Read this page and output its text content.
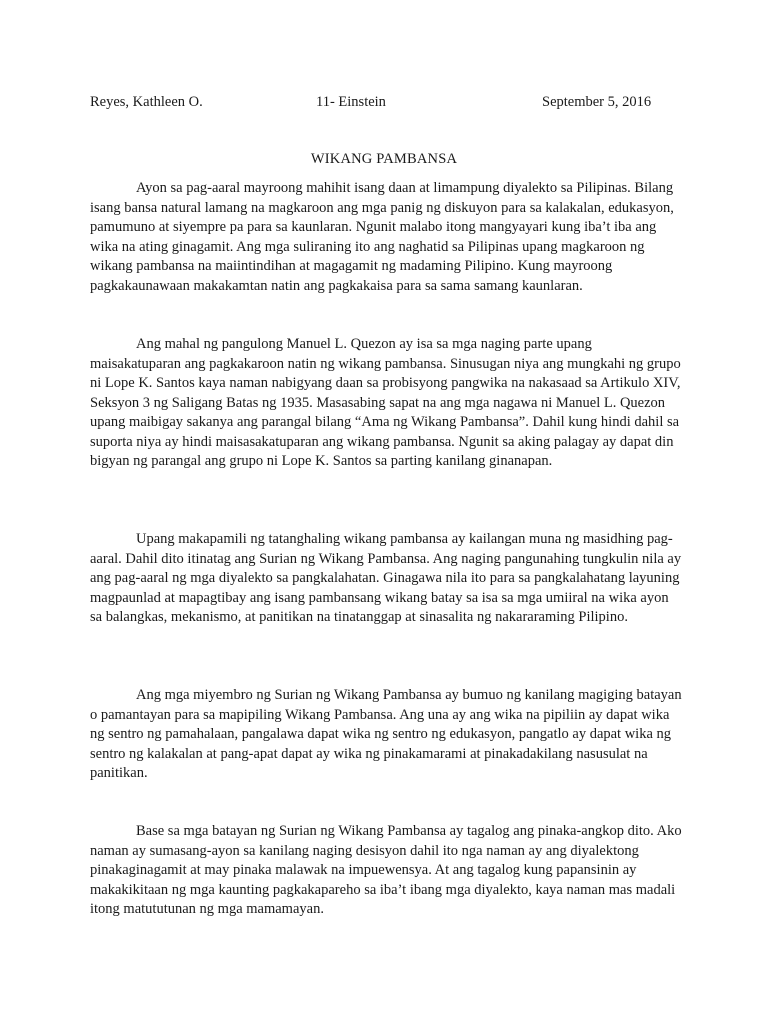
Reyes, Kathleen O.	11- Einstein	September 5, 2016
WIKANG PAMBANSA

Ayon sa pag-aaral mayroong mahihit isang daan at limampung diyalekto sa Pilipinas. Bilang isang bansa natural lamang na magkaroon ang mga panig ng diskuyon para sa kalakalan, edukasyon, pamumuno at siyempre pa para sa kaunlaran. Ngunit malabo itong mangyayari kung iba’t iba ang wika na ating ginagamit. Ang mga suliraning ito ang naghatid sa Pilipinas upang magkaroon ng wikang pambansa na maiintindihan at magagamit ng madaming Pilipino. Kung mayroong pagkakaunawaan makakamtan natin ang pagkakaisa para sa sama samang kaunlaran.

Ang mahal ng pangulong Manuel L. Quezon ay isa sa mga naging parte upang maisakatuparan ang pagkakaroon natin ng wikang pambansa. Sinusugan niya ang mungkahi ng grupo ni Lope K. Santos kaya naman nabigyang daan sa probisyong pangwika na nakasaad sa Artikulo XIV, Seksyon 3 ng Saligang Batas ng 1935. Masasabing sapat na ang mga nagawa ni Manuel L. Quezon upang maibigay sakanya ang parangal bilang “Ama ng Wikang Pambansa”. Dahil kung hindi dahil sa suporta niya ay hindi maisasakatuparan ang wikang pambansa. Ngunit sa aking palagay ay dapat din bigyan ng parangal ang grupo ni Lope K. Santos sa parting kanilang ginanapan.

Upang makapamili ng tatanghaling wikang pambansa ay kailangan muna ng masidhing pag-aaral. Dahil dito itinatag ang Surian ng Wikang Pambansa. Ang naging pangunahing tungkulin nila ay ang pag-aaral ng mga diyalekto sa pangkalahatan. Ginagawa nila ito para sa pangkalahatang layuning magpaunlad at mapagtibay ang isang pambansang wikang batay sa isa sa mga umiiral na wika ayon sa balangkas, mekanismo, at panitikan na tinatanggap at sinasalita ng nakararaming Pilipino.

Ang mga miyembro ng Surian ng Wikang Pambansa ay bumuo ng kanilang magiging batayan o pamantayan para sa mapipiling Wikang Pambansa. Ang una ay ang wika na pipiliin ay dapat wika ng sentro ng pamahalaan, pangalawa dapat wika ng sentro ng edukasyon, pangatlo ay dapat wika ng sentro ng kalakalan at pang-apat dapat ay wika ng pinakamarami at pinakadakilang nasusulat na panitikan.

Base sa mga batayan ng Surian ng Wikang Pambansa ay tagalog ang pinaka-angkop dito. Ako naman ay sumasang-ayon sa kanilang naging desisyon dahil ito nga naman ay ang diyalektong pinakaginagamit at may pinaka malawak na impuewensya. At ang tagalog kung papansinin ay makakikitaan ng mga kaunting pagkakapareho sa iba’t ibang mga diyalekto, kaya naman mas madali itong matututunan ng mga mamamayan.
